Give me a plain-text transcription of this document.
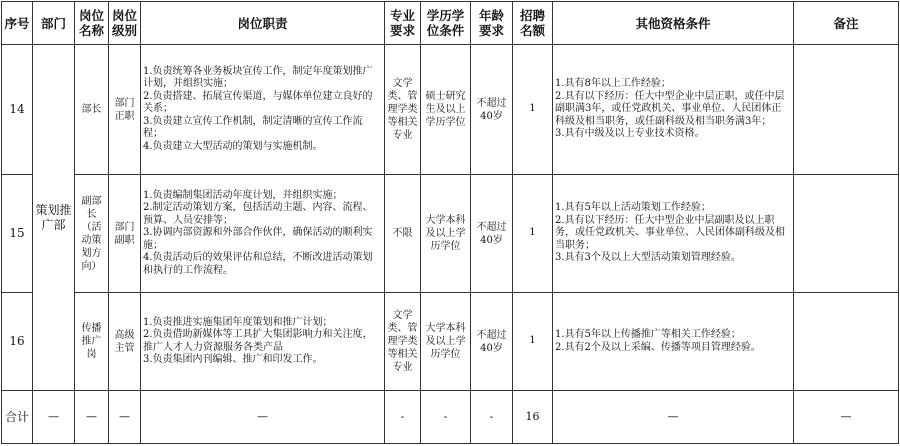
序号	部门	岗位名称	岗位级别	岗位职责	专业要求	学历学位条件	年龄要求	招聘名额	其他资格条件	备注
14	策划推广部	部长	部门正职	1.负责统筹各业务板块宣传工作，制定年度策划推广计划，并组织实施；
2.负责搭建、拓展宣传渠道，与媒体单位建立良好的关系；
3.负责建立宣传工作机制，制定清晰的宣传工作流程；
4.负责建立大型活动的策划与实施机制。	文学类、管理学类等相关专业	硕士研究生及以上学历学位	不超过40岁	1	1.具有8年以上工作经验；
2.具有以下经历：任大中型企业中层正职，或任中层副职满3年，或任党政机关、事业单位、人民团体正科级及相当职务，或任副科级及相当职务满3年；
3.具有中级及以上专业技术资格。	
15		副部长（活动策划方向）	部门副职	1.负责编制集团活动年度计划，并组织实施；
2.制定活动策划方案，包括活动主题、内容、流程、预算、人员安排等；
3.协调内部资源和外部合作伙伴，确保活动的顺利实施；
4.负责活动后的效果评估和总结，不断改进活动策划和执行的工作流程。	不限	大学本科及以上学历学位	不超过40岁	1	1.具有5年以上活动策划工作经验；
2.具有以下经历：任大中型企业中层副职及以上职务，或任党政机关、事业单位、人民团体副科级及相当职务；
3.具有3个及以上大型活动策划管理经验。	
16		传播推广岗	高级主管	1.负责推进实施集团年度策划和推广计划；
2.负责借助新媒体等工具扩大集团影响力和关注度，推广人才人力资源服务各类产品
3.负责集团内刊编辑、推广和印发工作。	文学类、管理学类等相关专业	大学本科及以上学历学位	不超过40岁	1	1.具有5年以上传播推广等相关工作经验；
2.具有2个及以上采编、传播等项目管理经验。	
合计	—	—	—	—	-	-	-	16	—	—
